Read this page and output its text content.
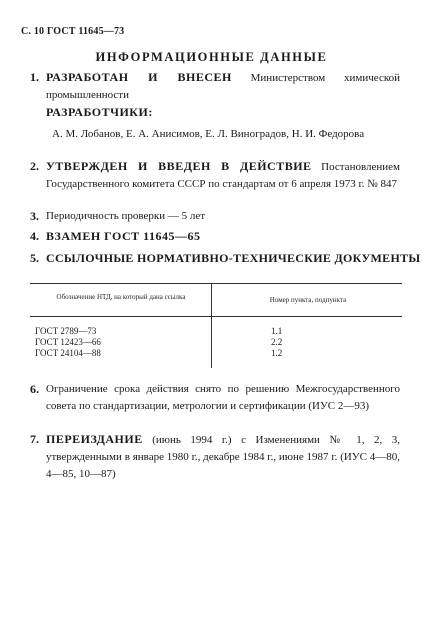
С. 10 ГОСТ 11645—73
ИНФОРМАЦИОННЫЕ ДАННЫЕ
1. РАЗРАБОТАН И ВНЕСЕН Министерством химической промышленности
РАЗРАБОТЧИКИ:
А. М. Лобанов, Е. А. Анисимов, Е. Л. Виноградов, Н. И. Федорова
2. УТВЕРЖДЕН И ВВЕДЕН В ДЕЙСТВИЕ Постановлением Государственного комитета СССР по стандартам от 6 апреля 1973 г. № 847
3. Периодичность проверки — 5 лет
4. ВЗАМЕН ГОСТ 11645—65
5. ССЫЛОЧНЫЕ НОРМАТИВНО-ТЕХНИЧЕСКИЕ ДОКУМЕНТЫ
Обозначение НТД, на который дана ссылка	Номер пункта, подпункта
ГОСТ 2789—73	1.1
ГОСТ 12423—66	2.2
ГОСТ 24104—88	1.2
6. Ограничение срока действия снято по решению Межгосударственного совета по стандартизации, метрологии и сертификации (ИУС 2—93)
7. ПЕРЕИЗДАНИЕ (июнь 1994 г.) с Изменениями № 1, 2, 3, утвержденными в январе 1980 г., декабре 1984 г., июне 1987 г. (ИУС 4—80, 4—85, 10—87)
